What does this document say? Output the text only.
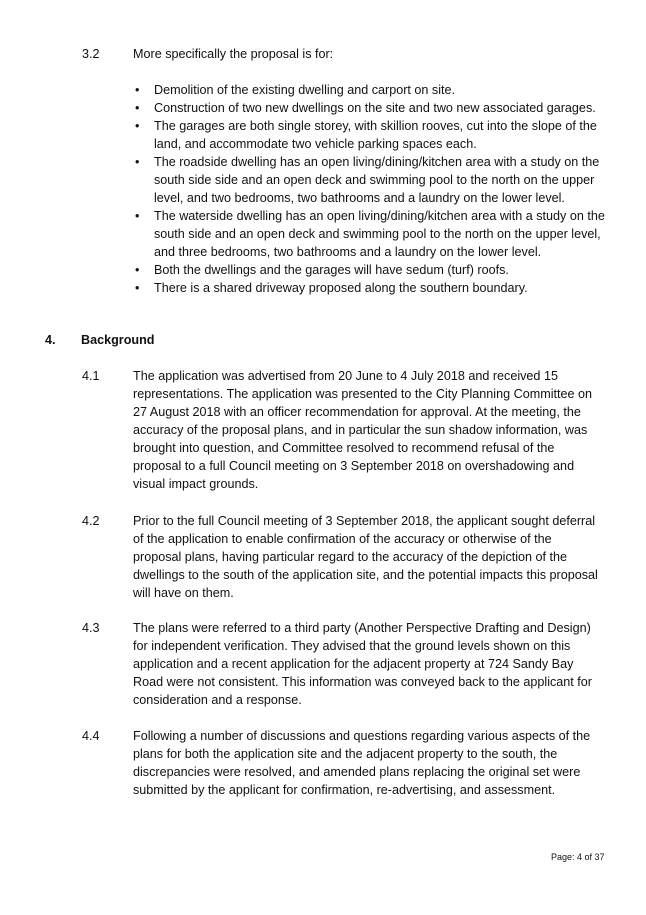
3.2	More specifically the proposal is for:
• Demolition of the existing dwelling and carport on site.
• Construction of two new dwellings on the site and two new associated garages.
• The garages are both single storey, with skillion rooves, cut into the slope of the land, and accommodate two vehicle parking spaces each.
• The roadside dwelling has an open living/dining/kitchen area with a study on the south side side and an open deck and swimming pool to the north on the upper level, and two bedrooms, two bathrooms and a laundry on the lower level.
• The waterside dwelling has an open living/dining/kitchen area with a study on the south side and an open deck and swimming pool to the north on the upper level, and three bedrooms, two bathrooms and a laundry on the lower level.
• Both the dwellings and the garages will have sedum (turf) roofs.
• There is a shared driveway proposed along the southern boundary.
4. Background
4.1	The application was advertised from 20 June to 4 July 2018 and received 15 representations. The application was presented to the City Planning Committee on 27 August 2018 with an officer recommendation for approval. At the meeting, the accuracy of the proposal plans, and in particular the sun shadow information, was brought into question, and Committee resolved to recommend refusal of the proposal to a full Council meeting on 3 September 2018 on overshadowing and visual impact grounds.
4.2	Prior to the full Council meeting of 3 September 2018, the applicant sought deferral of the application to enable confirmation of the accuracy or otherwise of the proposal plans, having particular regard to the accuracy of the depiction of the dwellings to the south of the application site, and the potential impacts this proposal will have on them.
4.3	The plans were referred to a third party (Another Perspective Drafting and Design) for independent verification. They advised that the ground levels shown on this application and a recent application for the adjacent property at 724 Sandy Bay Road were not consistent. This information was conveyed back to the applicant for consideration and a response.
4.4	Following a number of discussions and questions regarding various aspects of the plans for both the application site and the adjacent property to the south, the discrepancies were resolved, and amended plans replacing the original set were submitted by the applicant for confirmation, re-advertising, and assessment.
Page: 4 of 37
